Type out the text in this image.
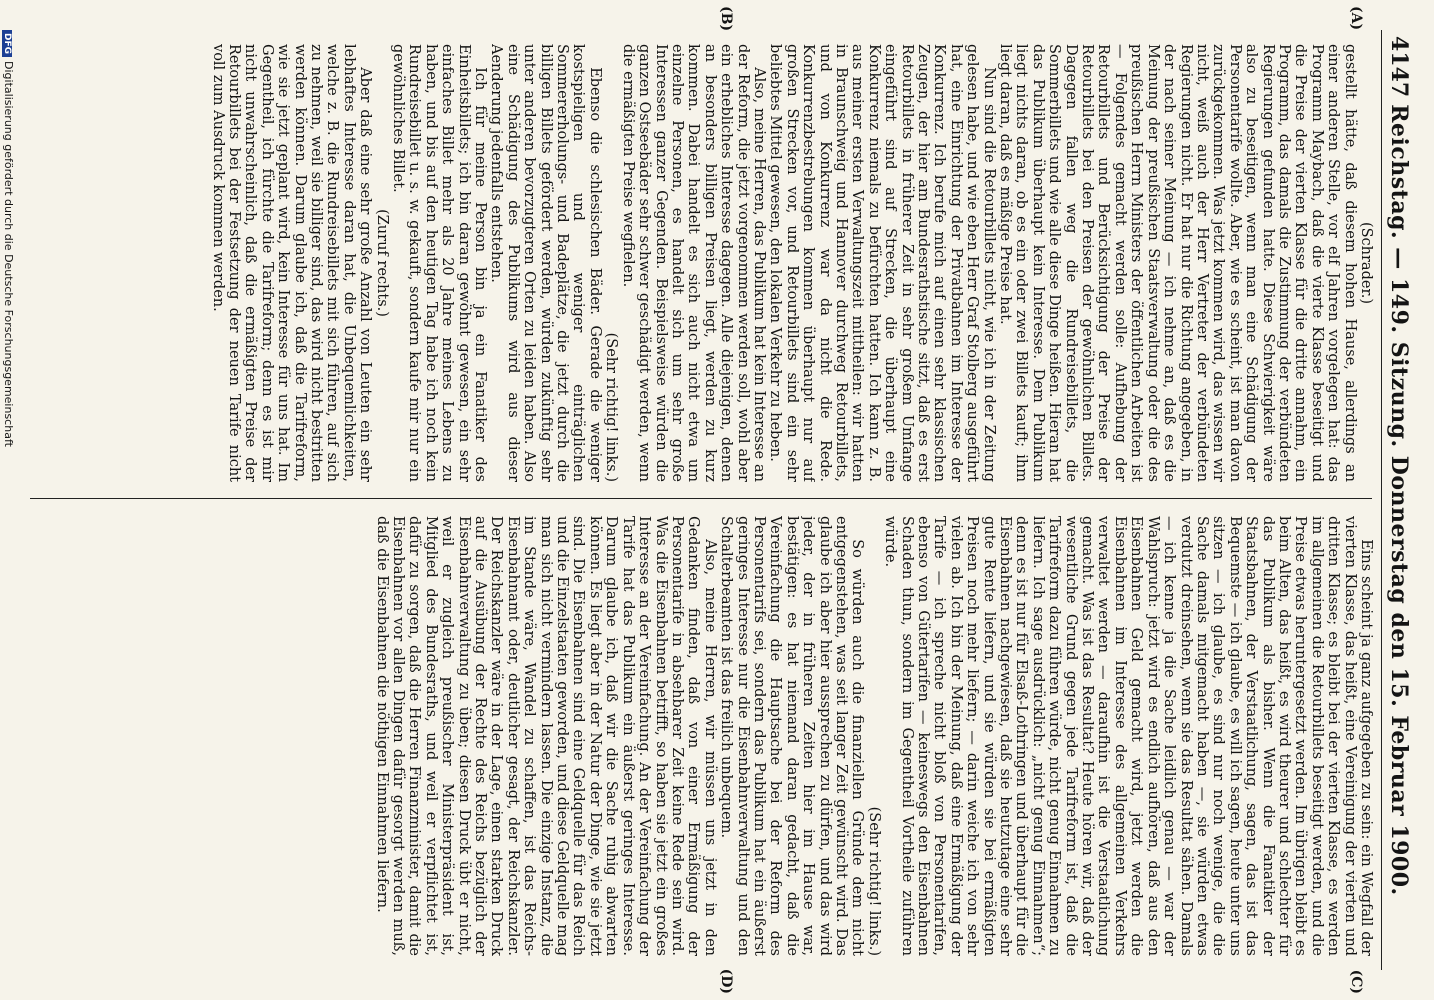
4147
Reichstag. — 149. Sitzung. Donnerstag den 15. Februar 1900.
(A)
(B)
(C)
(D)

(Schrader.)

gestellt hätte, daß diesem hohen Hause, allerdings an einer anderen Stelle, vor elf Jahren vorgelegen hat: das Programm Maybach, daß die vierte Klasse beseitigt und die Preise der vierten Klasse für die dritte annahm, ein Programm, das damals die Zustimmung der verbündeten Regierungen gefunden hatte. Diese Schwierigkeit wäre also zu beseitigen, wenn man eine Schädigung der Personentarife wollte. Aber, wie es scheint, ist man davon zurückgekommen. Was jetzt kommen wird, das wissen wir nicht, weiß auch der Herr Vertreter der verbündeten Regierungen nicht. Er hat nur die Richtung angegeben, in der nach seiner Meinung — ich nehme an, daß es die Meinung der preußischen Staatsverwaltung oder die des preußischen Herrn Ministers der öffentlichen Arbeiten ist — Folgendes gemacht werden solle: Aufhebung der Retourbillets und Berücksichtigung der Preise der Retourbillets bei den Preisen der gewöhnlichen Billets. Dagegen fallen weg die Rundreisebillets, die Sommerbillets und wie alle diese Dinge heißen. Hieran hat das Publikum überhaupt kein Interesse. Dem Publikum liegt nichts daran, ob es ein oder zwei Billets kauft; ihm liegt daran, daß es mäßige Preise hat.

Nun sind die Retourbillets nicht, wie ich in der Zeitung gelesen habe, und wie eben Herr Graf Stolberg ausgeführt hat, eine Einrichtung der Privatbahnen im Interesse der Konkurrenz. Ich berufe mich auf einen sehr klassischen Zeugen, der hier am Bundesrathstische sitzt, daß es erst Retourbillets in früherer Zeit in sehr großem Umfange eingeführt sind auf Strecken, die überhaupt eine Konkurrenz niemals zu befürchten hatten. Ich kann z. B. aus meiner ersten Verwaltungszeit mittheilen: wir hatten in Braunschweig und Hannover durchweg Retourbillets, und von Konkurrenz war da nicht die Rede. Konkurrenzbestrebungen kommen überhaupt nur auf großen Strecken vor, und Retourbillets sind ein sehr beliebtes Mittel gewesen, den lokalen Verkehr zu heben.

Also, meine Herren, das Publikum hat kein Interesse an der Reform, die jetzt vorgenommen werden soll, wohl aber ein erhebliches Interesse dagegen. Alle diejenigen, denen an besonders billigen Preisen liegt, werden zu kurz kommen. Dabei handelt es sich auch nicht etwa um einzelne Personen, es handelt sich um sehr große Interessen ganzer Gegenden. Beispielsweise würden die ganzen Ostseebäder sehr schwer geschädigt werden, wenn die ermäßigten Preise wegfielen.

(Sehr richtig! links.)

Ebenso die schlesischen Bäder. Gerade die weniger kostspieligen und weniger einträglichen Sommererholungs- und Badeplätze, die jetzt durch die billigen Billets gefördert werden, würden zukünftig sehr unter anderen bevorzugteren Orten zu leiden haben. Also eine Schädigung des Publikums wird aus dieser Aenderung jedenfalls entstehen.

Ich für meine Person bin ja ein Fanatiker des Einheitsbillets; ich bin daran gewöhnt gewesen, ein sehr einfaches Billet mehr als 20 Jahre meines Lebens zu haben, und bis auf den heutigen Tag habe ich noch kein Rundreisebillet u. s. w. gekauft, sondern kaufe mir nur ein gewöhnliches Billet.

(Zuruf rechts.)

Aber daß eine sehr große Anzahl von Leuten ein sehr lebhaftes Interesse daran hat, die Unbequemlichkeiten, welche z. B. die Rundreisebillets mit sich führen, auf sich zu nehmen, weil sie billiger sind, das wird nicht bestritten werden können. Darum glaube ich, daß die Tarifreform, wie sie jetzt geplant wird, kein Interesse für uns hat. Im Gegentheil, ich fürchte die Tarifreform; denn es ist mir nicht unwahrscheinlich, daß die ermäßigten Preise der Retourbillets bei der Festsetzung der neuen Tarife nicht voll zum Ausdruck kommen werden.

Eins scheint ja ganz aufgegeben zu sein: ein Wegfall der vierten Klasse, das heißt, eine Vereinigung der vierten und dritten Klasse; es bleibt bei der vierten Klasse, es werden im allgemeinen die Retourbillets beseitigt werden, und die Preise etwas heruntergesetzt werden. Im übrigen bleibt es beim Alten, das heißt, es wird theurer und schlechter für das Publikum als bisher. Wenn die Fanatiker der Staatsbahnen, der Verstaatlichung, sagen, das ist das Bequemste — ich glaube, es will ich sagen, heute unter uns sitzen — ich glaube, es sind nur noch wenige, die die Sache damals mitgemacht haben —, sie würden etwas verdutzt dreinsehen, wenn sie das Resultat sähen. Damals — ich kenne ja die Sache leidlich genau — war der Wahlspruch: jetzt wird es endlich aufhören, daß aus den Eisenbahnen Geld gemacht wird, jetzt werden die Eisenbahnen im Interesse des allgemeinen Verkehrs verwaltet werden — daraufhin ist die Verstaatlichung gemacht. Was ist das Resultat? Heute hören wir, daß der wesentliche Grund gegen jede Tarifreform ist, daß die Tarifreform dazu führen würde, nicht genug Einnahmen zu liefern. Ich sage ausdrücklich: „nicht genug Einnahmen“; denn es ist nur für Elsaß-Lothringen und überhaupt für die Eisenbahnen nachgewiesen, daß sie heutzutage eine sehr gute Rente liefern, und sie würden sie bei ermäßigten Preisen noch mehr liefern; — darin weiche ich von sehr vielen ab. Ich bin der Meinung, daß eine Ermäßigung der Tarife — ich spreche nicht bloß von Personentarifen, ebenso von Gütertarifen — keineswegs den Eisenbahnen Schaden thun, sondern im Gegentheil Vortheile zuführen würde.

(Sehr richtig! links.)

So würden auch die finanziellen Gründe dem nicht entgegenstehen, was seit langer Zeit gewünscht wird. Das glaube ich aber hier aussprechen zu dürfen, und das wird jeder, der in früheren Zeiten hier im Hause war, bestätigen: es hat niemand daran gedacht, daß die Vereinfachung die Hauptsache bei der Reform des Personentarifs sei, sondern das Publikum hat ein äußerst geringes Interesse nur die Eisenbahnverwaltung und den Schalterbeamten ist das freilich unbequem.

Also, meine Herren, wir müssen uns jetzt in den Gedanken finden, daß von einer Ermäßigung der Personentarife in absehbarer Zeit keine Rede sein wird. Was die Eisenbahnen betrifft, so haben sie jetzt ein großes Interesse an der Vereinfachung. An der Vereinfachung der Tarife hat das Publikum ein äußerst geringes Interesse. Darum glaube ich, daß wir die Sache ruhig abwarten können. Es liegt aber in der Natur der Dinge, wie sie jetzt sind. Die Eisenbahnen sind eine Geldquelle für das Reich und die Einzelstaaten geworden, und diese Geldquelle mag man sich nicht vermindern lassen. Die einzige Instanz, die im Stande wäre, Wandel zu schaffen, ist das Reichs-Eisenbahnamt oder, deutlicher gesagt, der Reichskanzler. Der Reichskanzler wäre in der Lage, einen starken Druck auf die Ausübung der Rechte des Reichs bezüglich der Eisenbahnverwaltung zu üben; diesen Druck übt er nicht, weil er zugleich preußischer Ministerpräsident ist, Mitglied des Bundesraths, und weil er verpflichtet ist, dafür zu sorgen, daß die Herren Finanzminister, damit die Eisenbahnen vor allen Dingen dafür gesorgt werden muß, daß die Eisenbahnen die nöthigen Einnahmen liefern.

DFGDigitalisierung gefördert durch die Deutsche Forschungsgemeinschaft
